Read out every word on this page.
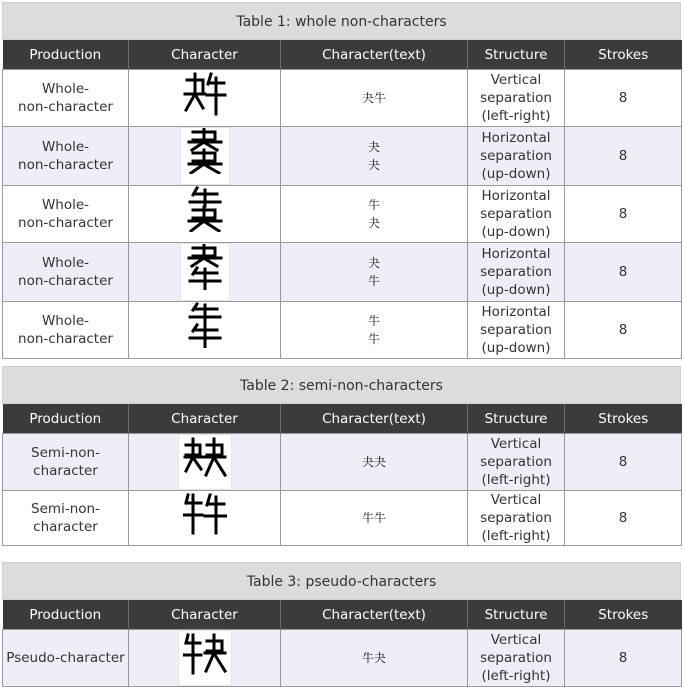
Table 1: whole non-characters
Production	Character	Character(text)	Structure	Strokes
Whole-
non-character		夬牛	Vertical
separation
(left-right)	8
Whole-
non-character		夬
夬	Horizontal
separation
(up-down)	8
Whole-
non-character		牛
夬	Horizontal
separation
(up-down)	8
Whole-
non-character		夬
牛	Horizontal
separation
(up-down)	8
Whole-
non-character		牛
牛	Horizontal
separation
(up-down)	8
Table 2: semi-non-characters
Production	Character	Character(text)	Structure	Strokes
Semi-non-
character		夬夬	Vertical
separation
(left-right)	8
Semi-non-
character		牛牛	Vertical
separation
(left-right)	8
Table 3: pseudo-characters
Production	Character	Character(text)	Structure	Strokes
Pseudo-character		牛夬	Vertical
separation
(left-right)	8
